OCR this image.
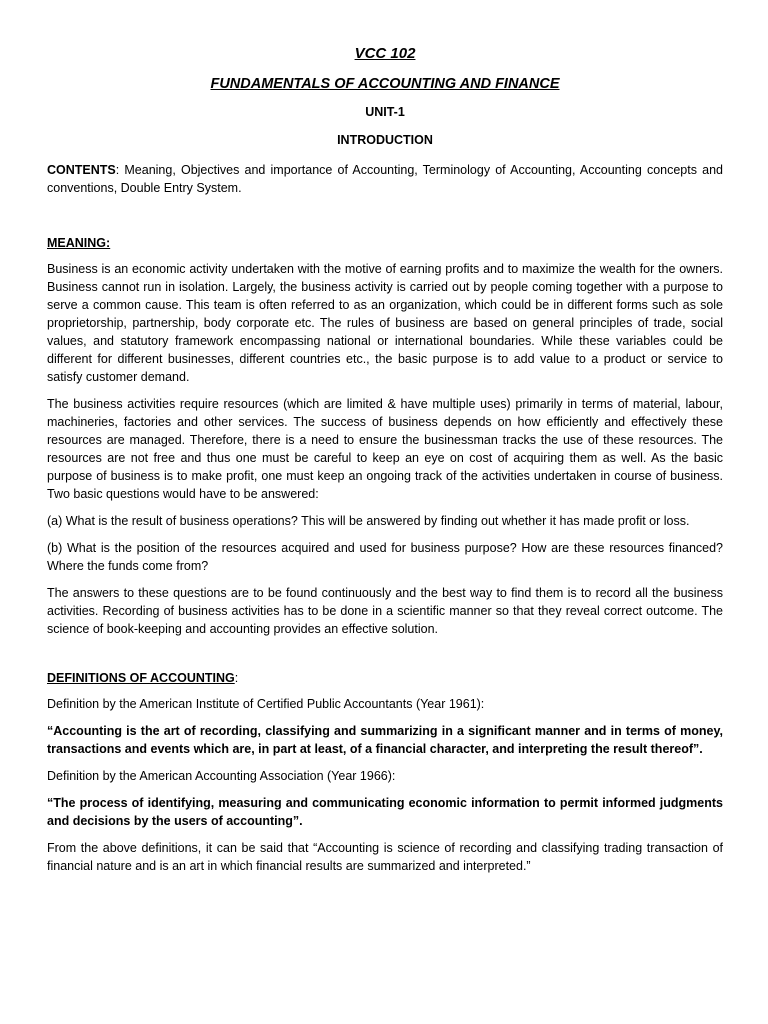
VCC 102
FUNDAMENTALS OF ACCOUNTING AND FINANCE
UNIT-1
INTRODUCTION

CONTENTS: Meaning, Objectives and importance of Accounting, Terminology of Accounting, Accounting concepts and conventions, Double Entry System.

MEANING:

Business is an economic activity undertaken with the motive of earning profits and to maximize the wealth for the owners. Business cannot run in isolation. Largely, the business activity is carried out by people coming together with a purpose to serve a common cause. This team is often referred to as an organization, which could be in different forms such as sole proprietorship, partnership, body corporate etc. The rules of business are based on general principles of trade, social values, and statutory framework encompassing national or international boundaries. While these variables could be different for different businesses, different countries etc., the basic purpose is to add value to a product or service to satisfy customer demand.

The business activities require resources (which are limited & have multiple uses) primarily in terms of material, labour, machineries, factories and other services. The success of business depends on how efficiently and effectively these resources are managed. Therefore, there is a need to ensure the businessman tracks the use of these resources. The resources are not free and thus one must be careful to keep an eye on cost of acquiring them as well. As the basic purpose of business is to make profit, one must keep an ongoing track of the activities undertaken in course of business. Two basic questions would have to be answered:

(a) What is the result of business operations? This will be answered by finding out whether it has made profit or loss.

(b) What is the position of the resources acquired and used for business purpose? How are these resources financed? Where the funds come from?

The answers to these questions are to be found continuously and the best way to find them is to record all the business activities. Recording of business activities has to be done in a scientific manner so that they reveal correct outcome. The science of book-keeping and accounting provides an effective solution.

DEFINITIONS OF ACCOUNTING:

Definition by the American Institute of Certified Public Accountants (Year 1961):

“Accounting is the art of recording, classifying and summarizing in a significant manner and in terms of money, transactions and events which are, in part at least, of a financial character, and interpreting the result thereof”.

Definition by the American Accounting Association (Year 1966):

“The process of identifying, measuring and communicating economic information to permit informed judgments and decisions by the users of accounting”.

From the above definitions, it can be said that “Accounting is science of recording and classifying trading transaction of financial nature and is an art in which financial results are summarized and interpreted.”
